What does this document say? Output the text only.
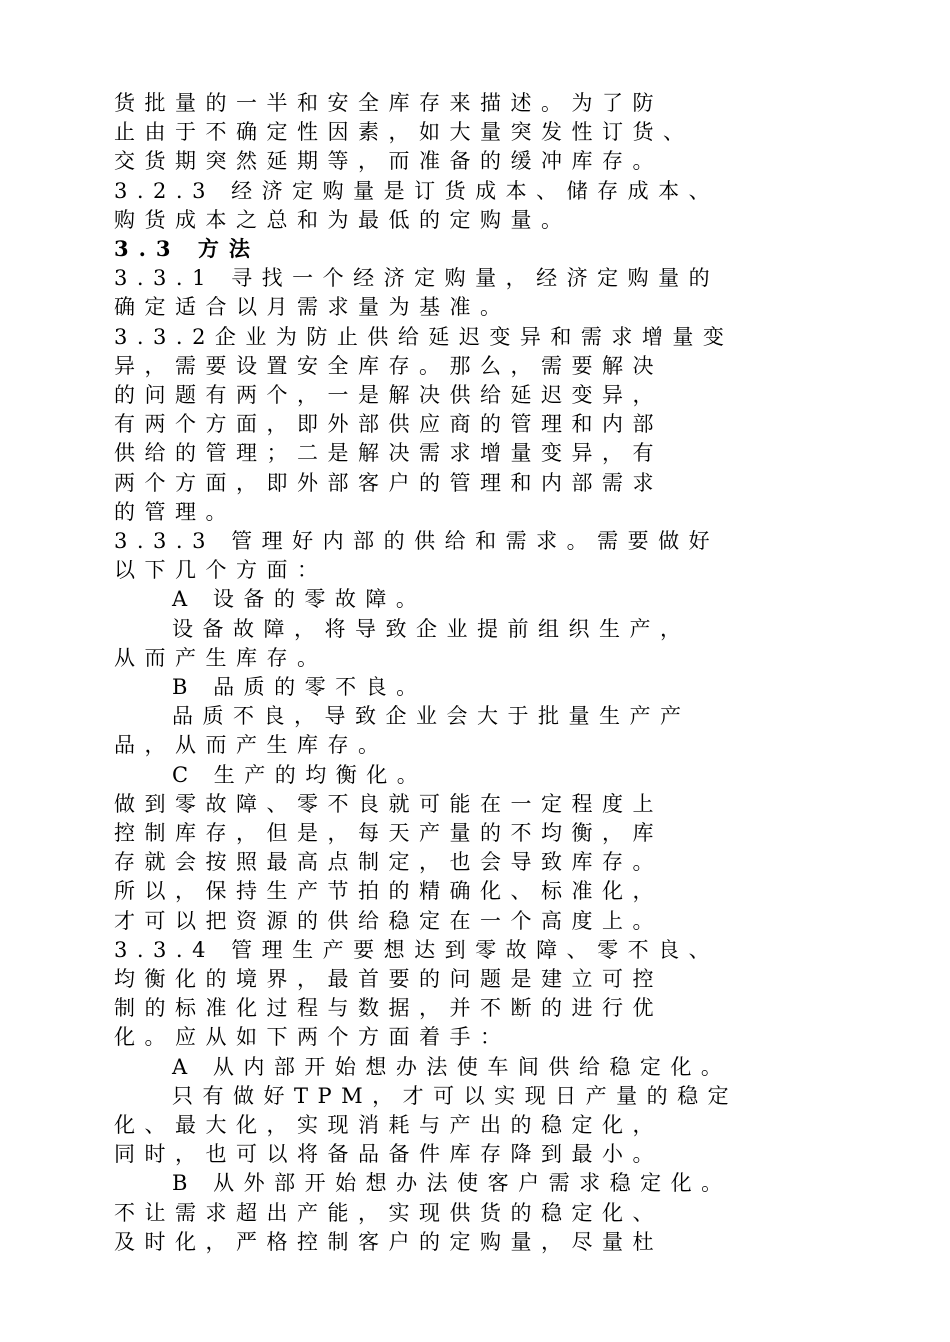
货批量的一半和安全库存来描述。为了防
止由于不确定性因素，如大量突发性订货、
交货期突然延期等，而准备的缓冲库存。
3.2.3 经济定购量是订货成本、储存成本、
购货成本之总和为最低的定购量。
3.3 方法
3.3.1 寻找一个经济定购量，经济定购量的
确定适合以月需求量为基准。
3.3.2企业为防止供给延迟变异和需求增量变
异，需要设置安全库存。那么，需要解决
的问题有两个，一是解决供给延迟变异，
有两个方面，即外部供应商的管理和内部
供给的管理；二是解决需求增量变异，有
两个方面，即外部客户的管理和内部需求
的管理。
3.3.3 管理好内部的供给和需求。需要做好
以下几个方面：
A 设备的零故障。
设备故障，将导致企业提前组织生产，
从而产生库存。
B 品质的零不良。
品质不良，导致企业会大于批量生产产
品，从而产生库存。
C 生产的均衡化。
做到零故障、零不良就可能在一定程度上
控制库存，但是，每天产量的不均衡，库
存就会按照最高点制定，也会导致库存。
所以，保持生产节拍的精确化、标准化，
才可以把资源的供给稳定在一个高度上。
3.3.4 管理生产要想达到零故障、零不良、
均衡化的境界，最首要的问题是建立可控
制的标准化过程与数据，并不断的进行优
化。应从如下两个方面着手：
A 从内部开始想办法使车间供给稳定化。
只有做好TPM，才可以实现日产量的稳定
化、最大化，实现消耗与产出的稳定化，
同时，也可以将备品备件库存降到最小。
B 从外部开始想办法使客户需求稳定化。
不让需求超出产能，实现供货的稳定化、
及时化，严格控制客户的定购量，尽量杜
